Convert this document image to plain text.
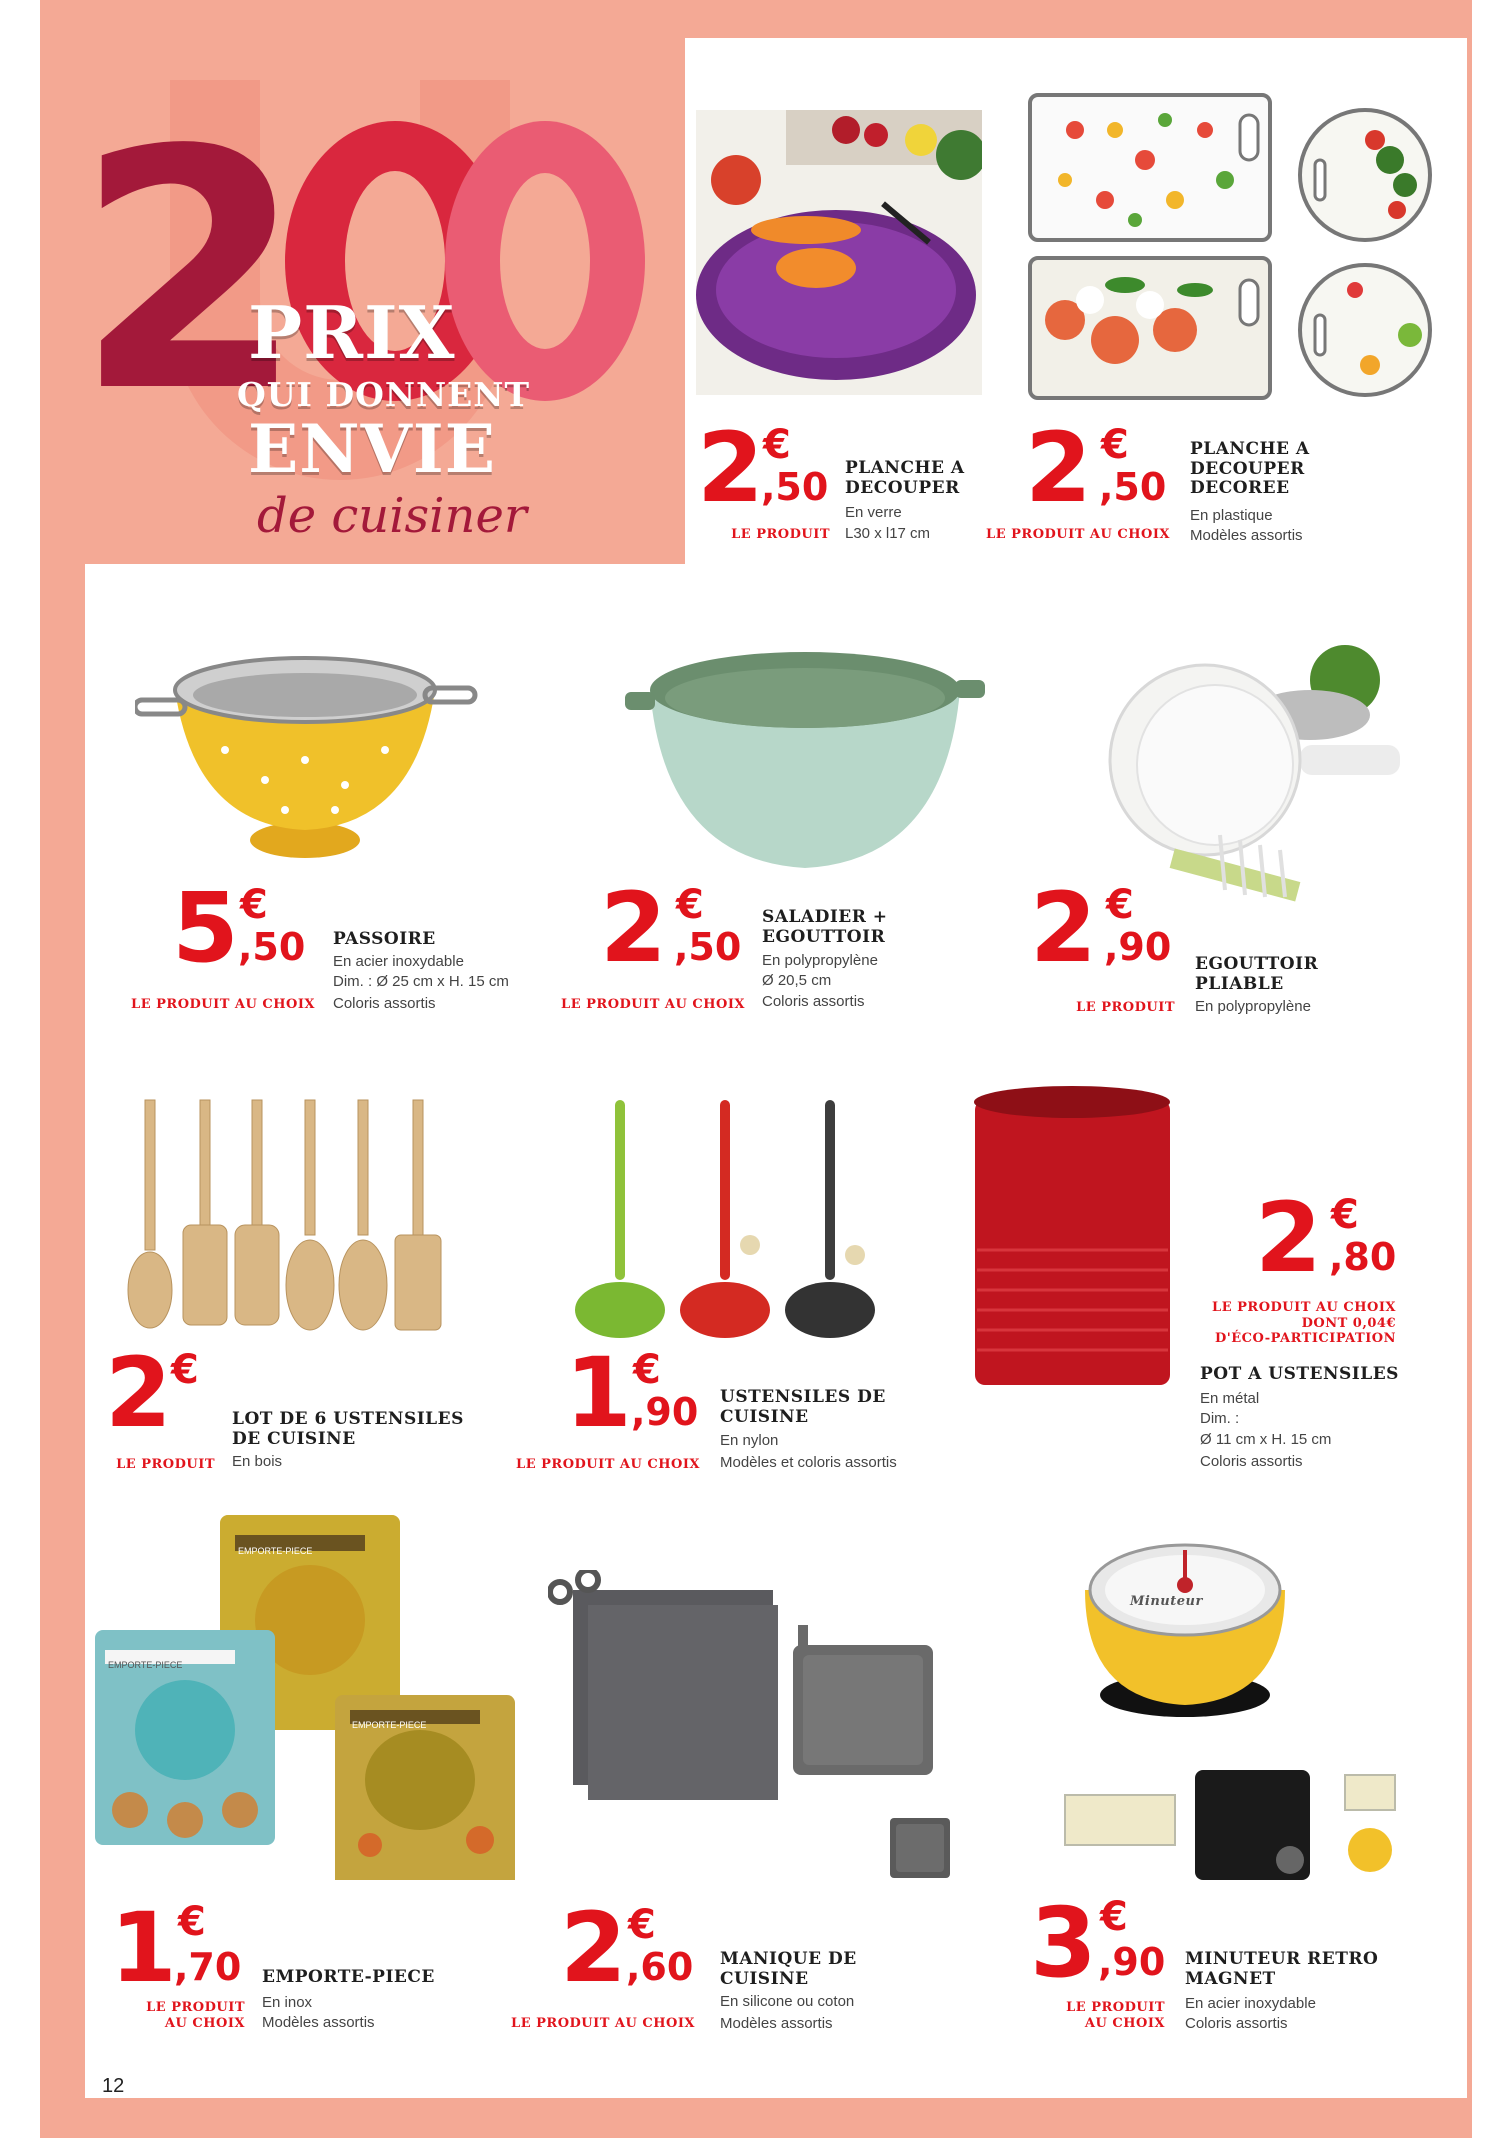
2
PRIX
QUI DONNENT
ENVIE
de cuisiner 2 €
,50
LE PRODUIT
PLANCHE A DECOUPER
En verre
L30 x l17 cm
2 €
,50
LE PRODUIT AU CHOIX
PLANCHE A DECOUPER DECOREE
En plastique
Modèles assortis
5 €
,50
LE PRODUIT AU CHOIX
PASSOIRE
En acier inoxydable
Dim. : Ø 25 cm x H. 15 cm
Coloris assortis
2 €
,50
LE PRODUIT AU CHOIX
SALADIER + EGOUTTOIR
En polypropylène
Ø 20,5 cm
Coloris assortis
2 €
,90
LE PRODUIT
EGOUTTOIR PLIABLE
En polypropylène
2 €
LE PRODUIT
LOT DE 6 USTENSILES DE CUISINE
En bois
1 €
,90
LE PRODUIT AU CHOIX
USTENSILES DE CUISINE
En nylon
Modèles et coloris assortis
2 €
,80
LE PRODUIT AU CHOIX
DONT 0,04€
D'ÉCO-PARTICIPATION
POT A USTENSILES
En métal
Dim. :
Ø 11 cm x H. 15 cm
Coloris assortis
EMPORTE-PIECE
EMPORTE-PIECE
EMPORTE-PIECE
Minuteur
1 €
,70
LE PRODUIT
AU CHOIX
EMPORTE-PIECE
En inox
Modèles assortis
2 €
,60
LE PRODUIT AU CHOIX
MANIQUE DE CUISINE
En silicone ou coton
Modèles assortis
3 €
,90
LE PRODUIT
AU CHOIX
MINUTEUR RETRO MAGNET
En acier inoxydable
Coloris assortis
12
